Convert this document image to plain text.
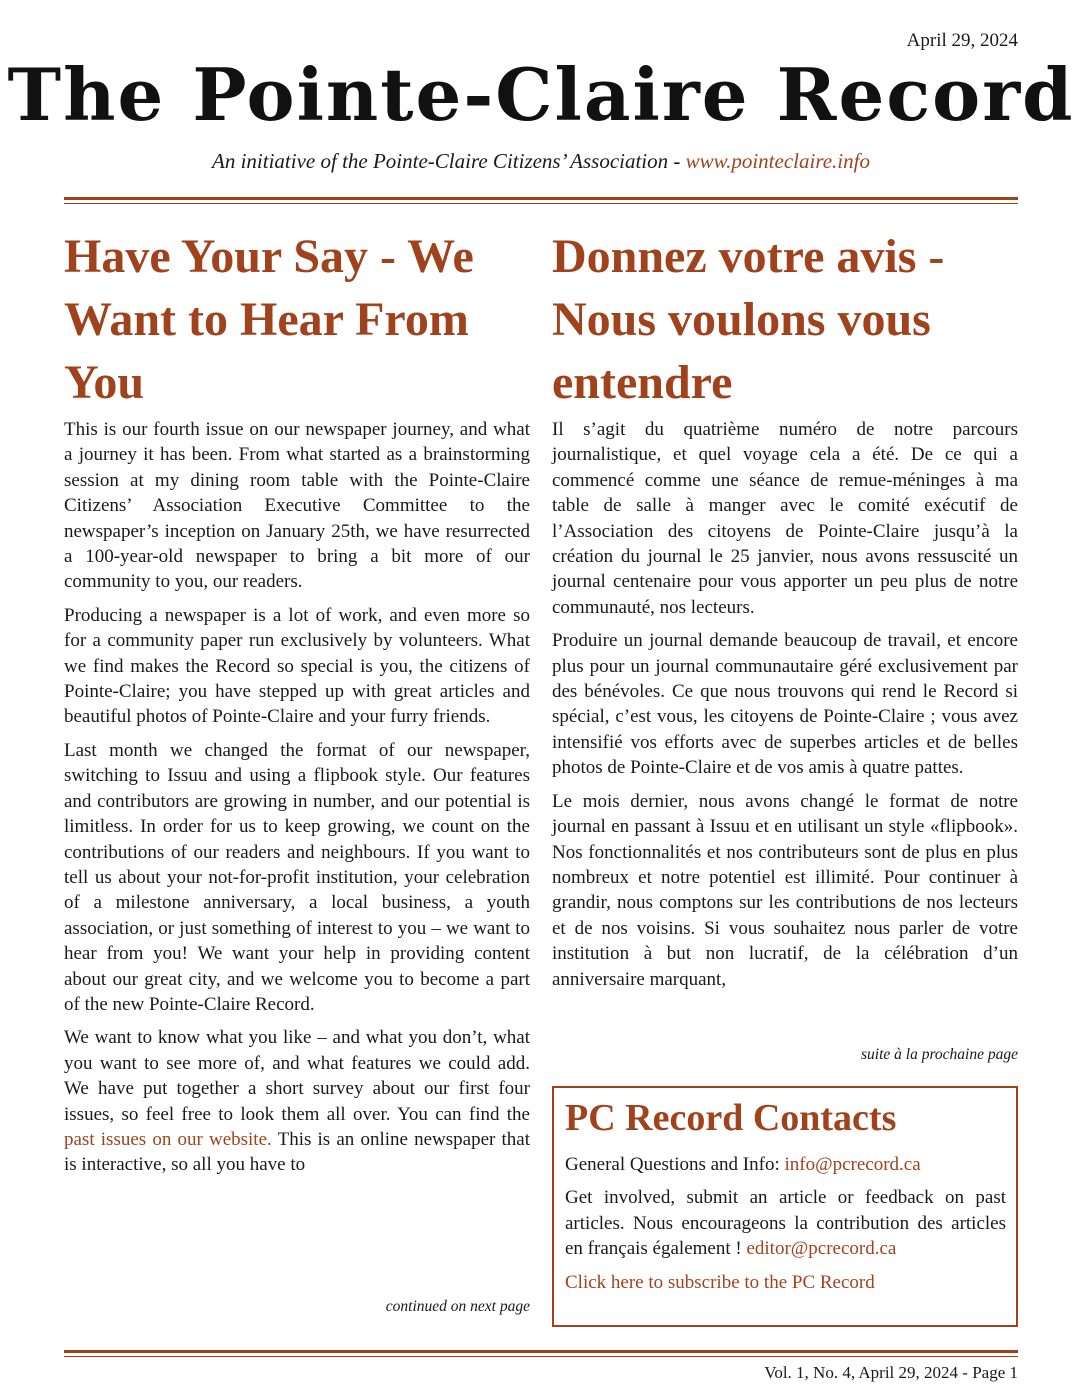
April 29, 2024
The Pointe-Claire Record
An initiative of the Pointe-Claire Citizens’ Association - www.pointeclaire.info
Have Your Say - We Want to Hear From You

This is our fourth issue on our newspaper journey, and what a journey it has been. From what started as a brainstorming session at my dining room table with the Pointe-Claire Citizens’ Association Executive Committee to the newspaper’s inception on January 25th, we have resurrected a 100-year-old newspaper to bring a bit more of our community to you, our readers.

Producing a newspaper is a lot of work, and even more so for a community paper run exclusively by volunteers. What we find makes the Record so special is you, the citizens of Pointe-Claire; you have stepped up with great articles and beautiful photos of Pointe-Claire and your furry friends.

Last month we changed the format of our newspaper, switching to Issuu and using a flipbook style. Our features and contributors are growing in number, and our potential is limitless. In order for us to keep growing, we count on the contributions of our readers and neighbours. If you want to tell us about your not-for-profit institution, your celebration of a milestone anniversary, a local business, a youth association, or just something of interest to you – we want to hear from you! We want your help in providing content about our great city, and we welcome you to become a part of the new Pointe-Claire Record.

We want to know what you like – and what you don’t, what you want to see more of, and what features we could add. We have put together a short survey about our first four issues, so feel free to look them all over. You can find the past issues on our website. This is an online newspaper that is interactive, so all you have to

continued on next page
Donnez votre avis - Nous voulons vous entendre

Il s’agit du quatrième numéro de notre parcours journalistique, et quel voyage cela a été. De ce qui a commencé comme une séance de remue-méninges à ma table de salle à manger avec le comité exécutif de l’Association des citoyens de Pointe-Claire jusqu’à la création du journal le 25 janvier, nous avons ressuscité un journal centenaire pour vous apporter un peu plus de notre communauté, nos lecteurs.

Produire un journal demande beaucoup de travail, et encore plus pour un journal communautaire géré exclusivement par des bénévoles. Ce que nous trouvons qui rend le Record si spécial, c’est vous, les citoyens de Pointe-Claire ; vous avez intensifié vos efforts avec de superbes articles et de belles photos de Pointe-Claire et de vos amis à quatre pattes.

Le mois dernier, nous avons changé le format de notre journal en passant à Issuu et en utilisant un style «flipbook». Nos fonctionnalités et nos contributeurs sont de plus en plus nombreux et notre potentiel est illimité. Pour continuer à grandir, nous comptons sur les contributions de nos lecteurs et de nos voisins. Si vous souhaitez nous parler de votre institution à but non lucratif, de la célébration d’un anniversaire marquant,

suite à la prochaine page
PC Record Contacts

General Questions and Info: info@pcrecord.ca

Get involved, submit an article or feedback on past articles. Nous encourageons la contribution des articles en français également ! editor@pcrecord.ca

Click here to subscribe to the PC Record

Vol. 1, No. 4, April 29, 2024 - Page 1
